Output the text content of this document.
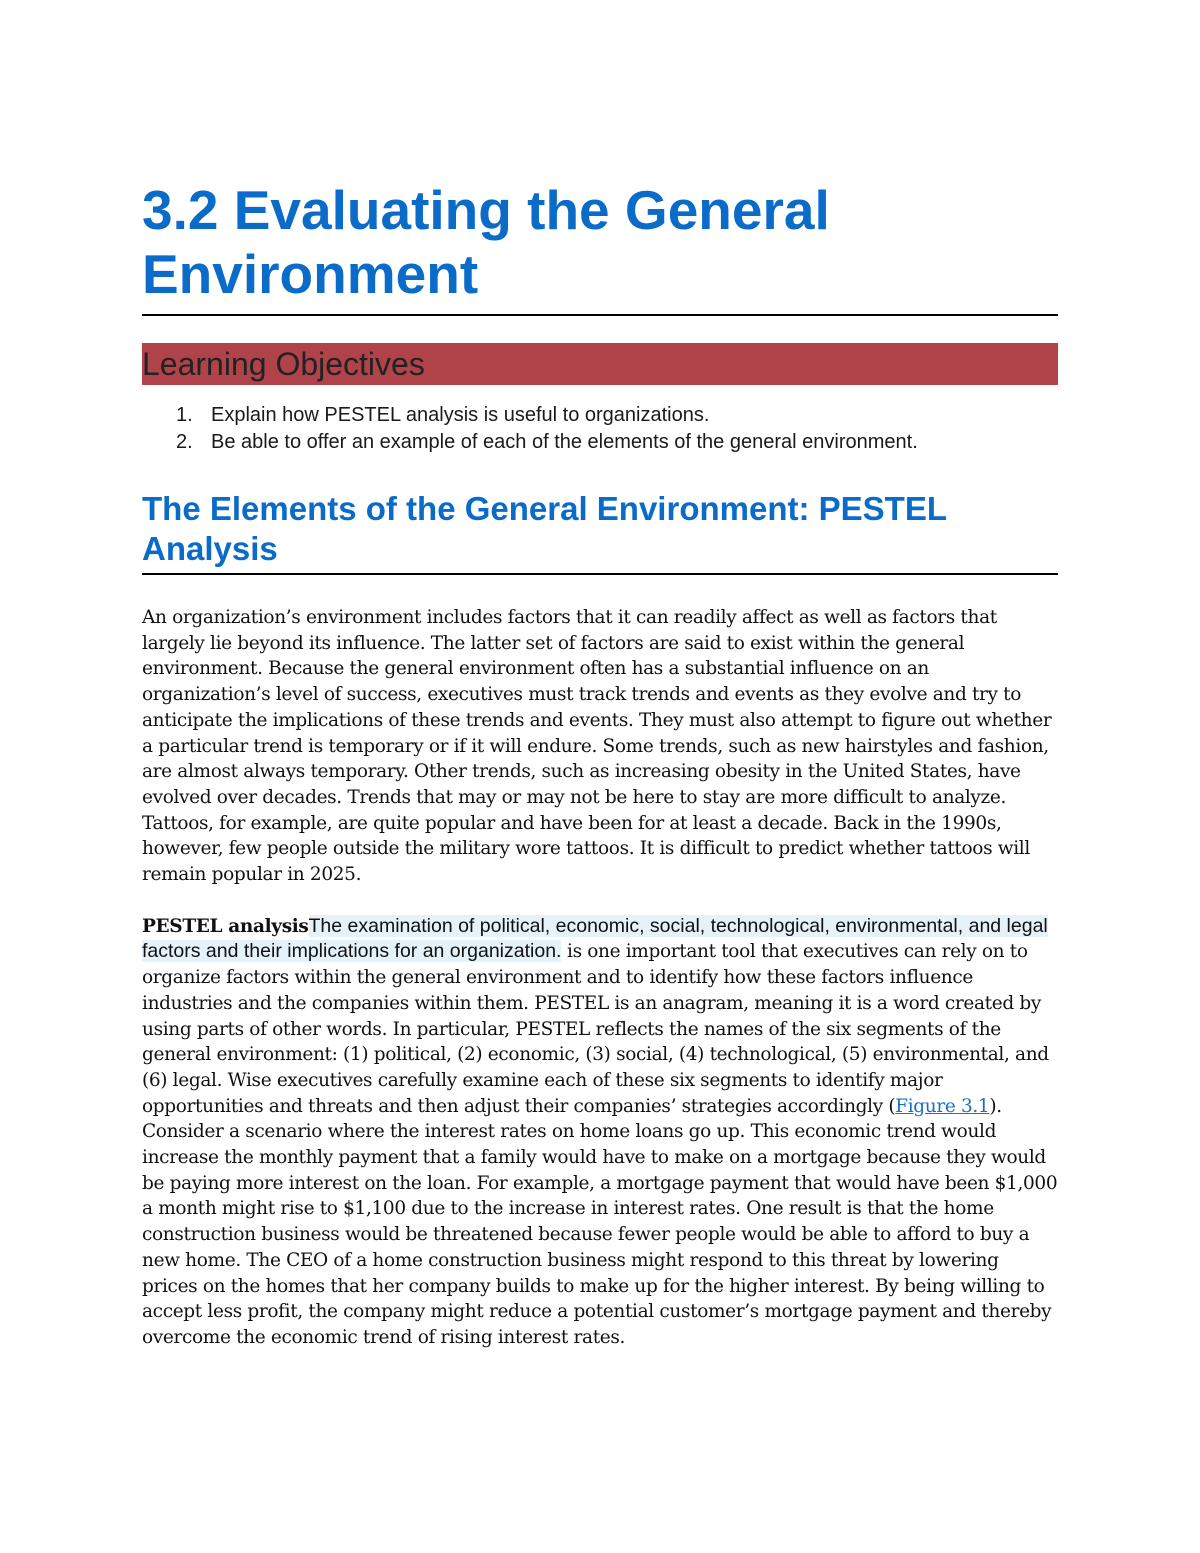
3.2 Evaluating the General Environment
Learning Objectives
1. Explain how PESTEL analysis is useful to organizations.
2. Be able to offer an example of each of the elements of the general environment.
The Elements of the General Environment: PESTEL Analysis

An organization’s environment includes factors that it can readily affect as well as factors that largely lie beyond its influence. The latter set of factors are said to exist within the general environment. Because the general environment often has a substantial influence on an organization’s level of success, executives must track trends and events as they evolve and try to anticipate the implications of these trends and events. They must also attempt to figure out whether a particular trend is temporary or if it will endure. Some trends, such as new hairstyles and fashion, are almost always temporary. Other trends, such as increasing obesity in the United States, have evolved over decades. Trends that may or may not be here to stay are more difficult to analyze. Tattoos, for example, are quite popular and have been for at least a decade. Back in the 1990s, however, few people outside the military wore tattoos. It is difficult to predict whether tattoos will remain popular in 2025.

PESTEL analysisThe examination of political, economic, social, technological, environmental, and legal factors and their implications for an organization. is one important tool that executives can rely on to organize factors within the general environment and to identify how these factors influence industries and the companies within them. PESTEL is an anagram, meaning it is a word created by using parts of other words. In particular, PESTEL reflects the names of the six segments of the general environment: (1) political, (2) economic, (3) social, (4) technological, (5) environmental, and (6) legal. Wise executives carefully examine each of these six segments to identify major opportunities and threats and then adjust their companies’ strategies accordingly (Figure 3.1).

Consider a scenario where the interest rates on home loans go up. This economic trend would increase the monthly payment that a family would have to make on a mortgage because they would be paying more interest on the loan. For example, a mortgage payment that would have been $1,000 a month might rise to $1,100 due to the increase in interest rates. One result is that the home construction business would be threatened because fewer people would be able to afford to buy a new home. The CEO of a home construction business might respond to this threat by lowering prices on the homes that her company builds to make up for the higher interest. By being willing to accept less profit, the company might reduce a potential customer’s mortgage payment and thereby overcome the economic trend of rising interest rates.
